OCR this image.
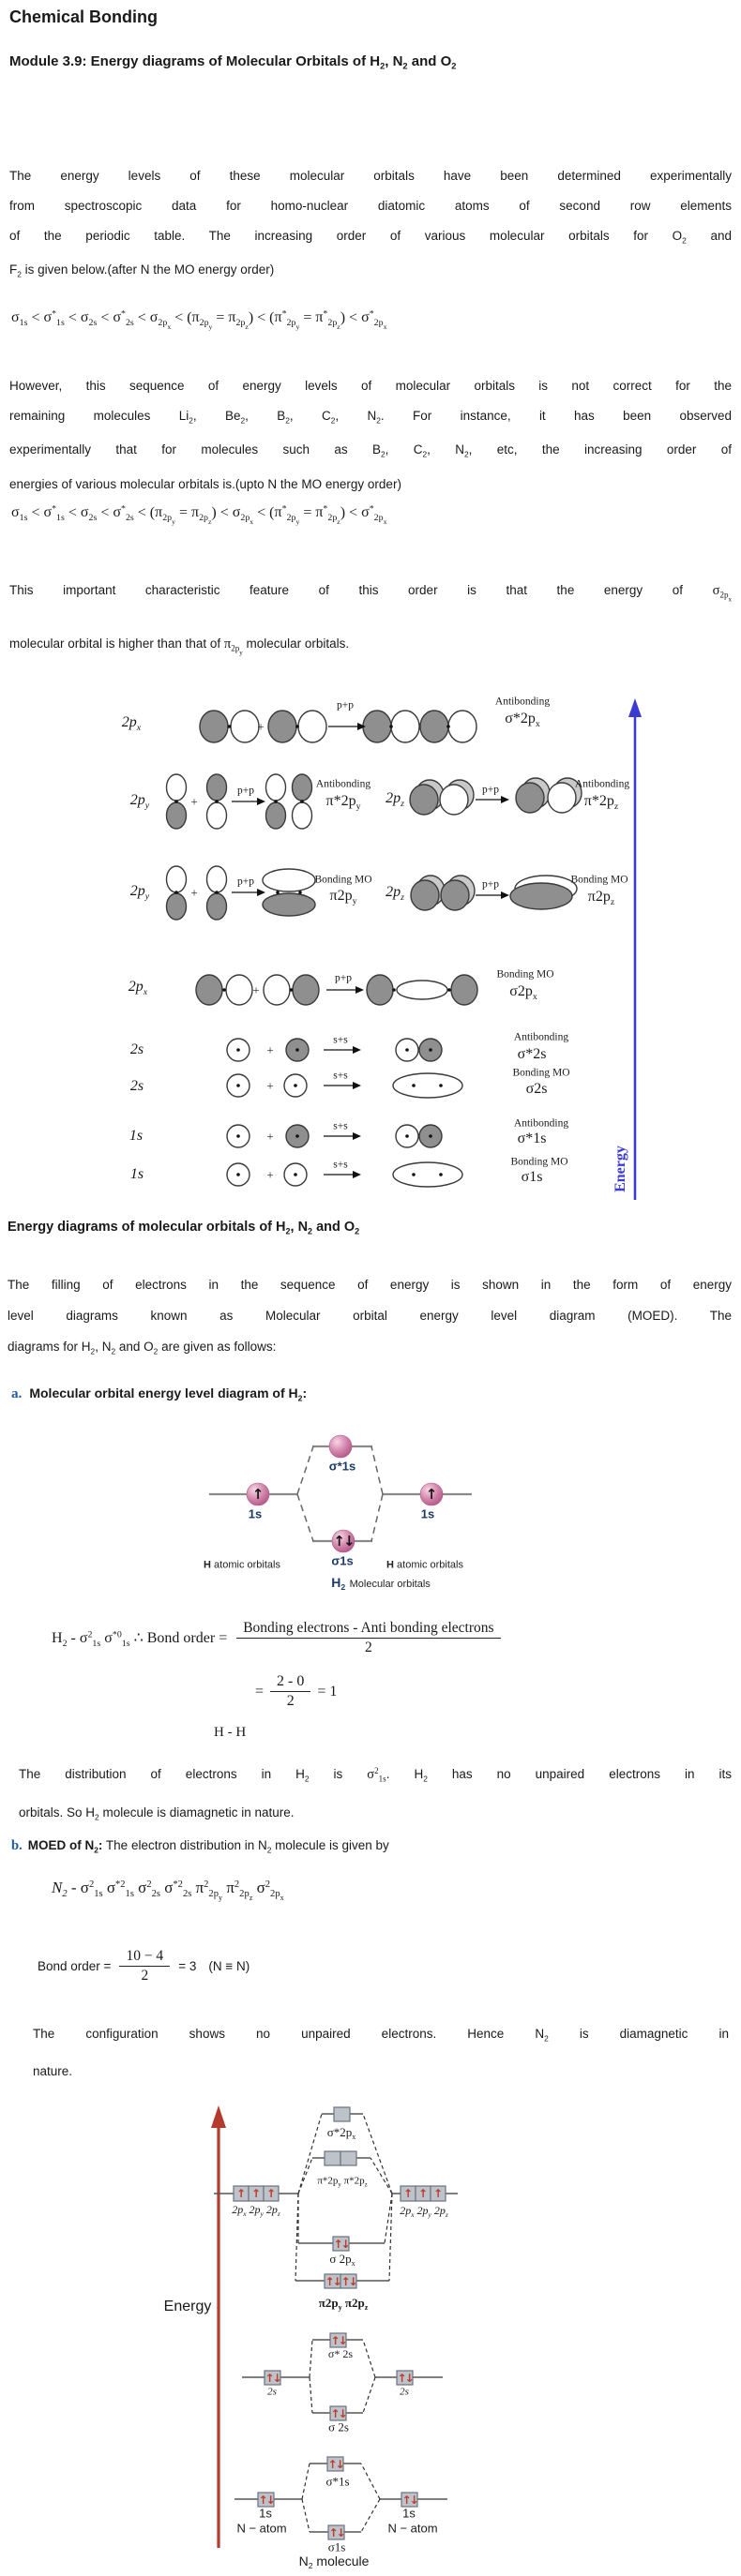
Chemical Bonding
Module 3.9: Energy diagrams of Molecular Orbitals of $H_2$, $N_2$ and $O_2$
The energy levels of these molecular orbitals have been determined experimentally
from spectroscopic data for homo-nuclear diatomic atoms of second row elements
of the periodic table. The increasing order of various molecular orbitals for $O_2$ and
$F_2$ is given below.(after N the MO energy order)
$\sigma_{1s} < \sigma^*_{1s} < \sigma_{2s} < \sigma^*_{2s} < \sigma_{2p_x} < (\pi_{2p_y} = \pi_{2p_z}) < (\pi^*_{2p_y} = \pi^*_{2p_z}) < \sigma^*_{2p_x}$
However, this sequence of energy levels of molecular orbitals is not correct for the
remaining molecules $Li_2$, $Be_2$, $B_2$, $C_2$, $N_2$. For instance, it has been observed
experimentally that for molecules such as $B_2$, $C_2$, $N_2$, etc, the increasing order of
energies of various molecular orbitals is.(upto N the MO energy order)
$\sigma_{1s} < \sigma^*_{1s} < \sigma_{2s} < \sigma^*_{2s} < (\pi_{2p_y} = \pi_{2p_z}) < \sigma_{2p_x} < (\pi^*_{2p_y} = \pi^*_{2p_z}) < \sigma^*_{2p_x}$
This important characteristic feature of this order is that the energy of $\sigma_{2p_x}$
molecular orbital is higher than that of $\pi_{2p_y}$ molecular orbitals.
+
+
+
+
+
+
+
+
$2p_x$
p+p	Antibonding
$\sigma*2p_x$
$2p_y$
p+p
Antibonding
$\pi*2p_y$
$2p_z$
p+p	Antibonding
$\pi*2p_z$
$2p_y$
p+p	Bonding MO
$\pi 2p_y$
$2p_z$
p+p	Bonding MO
$\pi 2p_z$
$2p_x$
p+p	Bonding MO
$\sigma 2p_x$
2s
s+s	Antibonding
σ*2s
2s
s+s	Bonding MO
σ2s
1s
s+s	Antibonding
σ*1s
1s
s+s	Bonding MO
σ1s	Energy
Energy diagrams of molecular orbitals of $H_2$, $N_2$ and $O_2$
The filling of electrons in the sequence of energy is shown in the form of energy
level diagrams known as Molecular orbital energy level diagram (MOED). The
diagrams for $H_2$, $N_2$ and $O_2$ are given as follows:
a. Molecular orbital energy level diagram of $H_2$:
↑	↑
↑↓
σ*1s
1s	1s
σ1s
H atomic orbitals	H atomic orbitals
$H_2$ Molecular orbitals
$H_2 - \sigma^2_{1s}$ $\sigma^{*0}_{1s}$ ∴ Bond order = $\frac{\text{Bonding electrons - Anti bonding electrons}}{2}$
= $\frac{2 - 0}{2} = 1$
H - H
The distribution of electrons in $H_2$ is $\sigma^2_{1s}$. $H_2$ has no unpaired electrons in its
orbitals. So $H_2$ molecule is diamagnetic in nature.
b. MOED of $N_2$: The electron distribution in $N_2$ molecule is given by
$N_2 - \sigma^2_{1s}$ $\sigma^{*2}_{1s}$ $\sigma^2_{2s}$ $\sigma^{*2}_{2s}$ $\pi^2_{2p_y}$ $\pi^2_{2p_z}$ $\sigma^2_{2p_x}$
Bond order = $\frac{10 - 4}{2} = 3$ (N ≡ N)
The configuration shows no unpaired electrons. Hence $N_2$ is diamagnetic in
nature.
↑ ↑ ↑	↑ ↑ ↑
↑↓
↑↓ ↑↓
↑↓
↑↓	↑↓
↑↓
↑↓
↑↓	↑↓
↑↓
$\sigma*2p_x$
$\pi*2p_y$ $\pi*2p_z$
$2p_x$ $2p_y$ $2p_z$	$2p_x$ $2p_y$ $2p_z$
σ $2p_x$
$\pi 2p_y$ $\pi 2p_z$
Energy
σ* 2s
2s	2s
σ 2s
σ*1s
1s	1s
N − atom	N − atom
σ1s
$N_2$ molecule
